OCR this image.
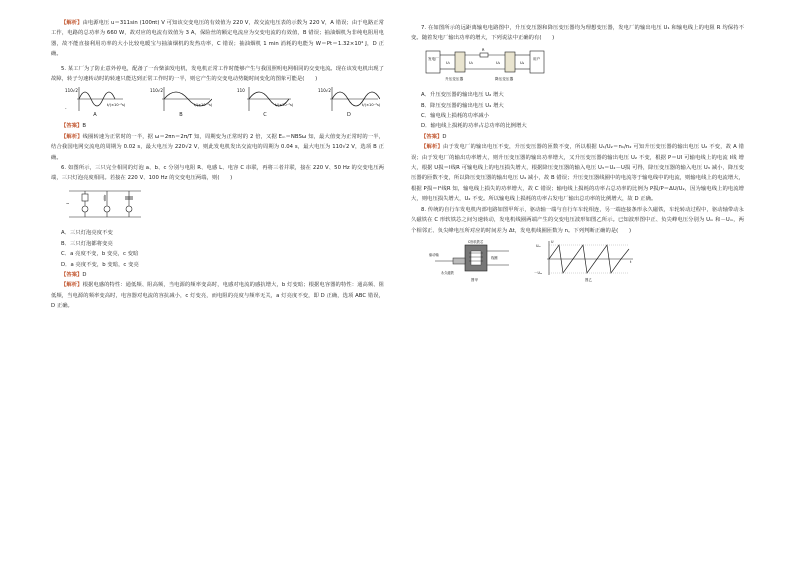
【解析】由电源电压 u＝311sin (100πt) V 可知该交变电压的有效值为 220 V，故交流电压表的示数为 220 V，A 错误；由于电路正常工作，电路的总功率为 660 W，故对应的电流有效值为 3 A，保险丝的额定电流应为交变电流的有效值，B 错误；抽油烟机为非纯电阻用电器，故不能直接利用功率的大小比较电暖宝与抽油烟机的发热功率，C 错误；抽油烟机 1 min 消耗的电能为 W＝Pt＝1.32×10⁴ J，D 正确。

5. 某工厂为了防止意外停电，配备了一台柴油发电机，发电机正常工作时能够产生与我国照明电网相同的交变电流。现在该发电机出现了故障，转子匀速转动时的转速只能达到正常工作时的一半，则它产生的交变电动势随时间变化的图象可能是(　　)

110√2
-
t/(×10⁻²s)
A
110√2
t/(×10⁻²s)
B
110
t/(×10⁻²s)
C
110√2
t/(×10⁻²s)
D

【答案】B

【解析】线圈转速为正常时的一半，据 ω＝2πn＝2π/T 知，周期变为正常时的 2 倍，又据 Eₘ＝NBSω 知，最大值变为正常时的一半，结合我国电网交流电的周期为 0.02 s，最大电压为 220√2 V，则此发电机发出交流电的周期为 0.04 s，最大电压为 110√2 V，选项 B 正确。

6. 如图所示，三只完全相同的灯泡 a、b、c 分别与电阻 R、电感 L、电容 C 串联，再将三者并联，接在 220 V、50 Hz 的交变电压两端，三只灯泡亮度相同。若接在 220 V、100 Hz 的交变电压两端，则(　　)

~

A．三只灯泡亮度不变

B．三只灯泡都将变亮

C．a 亮度不变，b 变亮，c 变暗

D．a 亮度不变，b 变暗，c 变亮

【答案】D

【解析】根据电感的特性：通低频、阻高频，当电源的频率变高时，电感对电流的感抗增大，b 灯变暗；根据电容器的特性：通高频、阻低频，当电源的频率变高时，电容器对电流的容抗减小，c 灯变亮，而电阻的亮度与频率无关，a 灯亮度不变，即 D 正确，选项 ABC 错误，D 正确。

7. 在如图所示的远距离输电电路图中，升压变压器和降压变压器均为理想变压器，发电厂的输出电压 U₁ 和输电线上的电阻 R 均保持不变。随着发电厂输出功率的增大，下列说法中正确的有(　　)

发电厂	用户
R
U₁	U₂	U₃	U₄
升压变压器	降压变压器

A．升压变压器的输出电压 U₂ 增大

B．降压变压器的输出电压 U₄ 增大

C．输电线上损耗的功率减小

D．输电线上损耗的功率占总功率的比例增大

【答案】D

【解析】由于发电厂的输出电压不变，升压变压器的匝数不变，所以根据 U₁/U₂＝n₁/n₂ 可知升压变压器的输出电压 U₂ 不变，故 A 错误；由于发电厂的输出功率增大，则升压变压器的输出功率增大，又升压变压器的输出电压 U₂ 不变，根据 P＝UI 可输电线上的电流 I线 增大，根据 U损＝I线R 可输电线上的电压损失增大，根据降压变压器的输入电压 U₃＝U₂－U损 可得，降压变压器的输入电压 U₃ 减小，降压变压器的匝数不变，所以降压变压器的输出电压 U₄ 减小，故 B 错误；升压变压器线圈中的电流等于输电线中的电流，则输电线上的电流增大，根据 P损＝I²线R 知，输电线上损失的功率增大，故 C 错误；输电线上损耗的功率占总功率的比例为 P损/P＝ΔU/U₂，因为输电线上的电流增大，则电压损失增大，U₂ 不变。所以输电线上损耗的功率占发电厂输出总功率的比例增大，故 D 正确。

8. 传统的自行车发电机内部电路如图甲所示，驱动轴一端与自行车车轮相连，另一端连接条形永久磁铁，车轮转动过程中，驱动轴带动永久磁铁在 C 形软铁芯之间匀速转动，发电机线圈两端产生的交变电压波形如图乙所示。已知波形图中正、负尖峰电压分别为 Uₘ 和－Uₘ，两个相邻正、负尖峰电压所对应的时间差为 Δt，发电机线圈匝数为 n。下列判断正确的是(　　)

C形软铁芯
驱动轴
线圈
永久磁铁
图甲
Uₘ
－Uₘ
U
t
图乙
